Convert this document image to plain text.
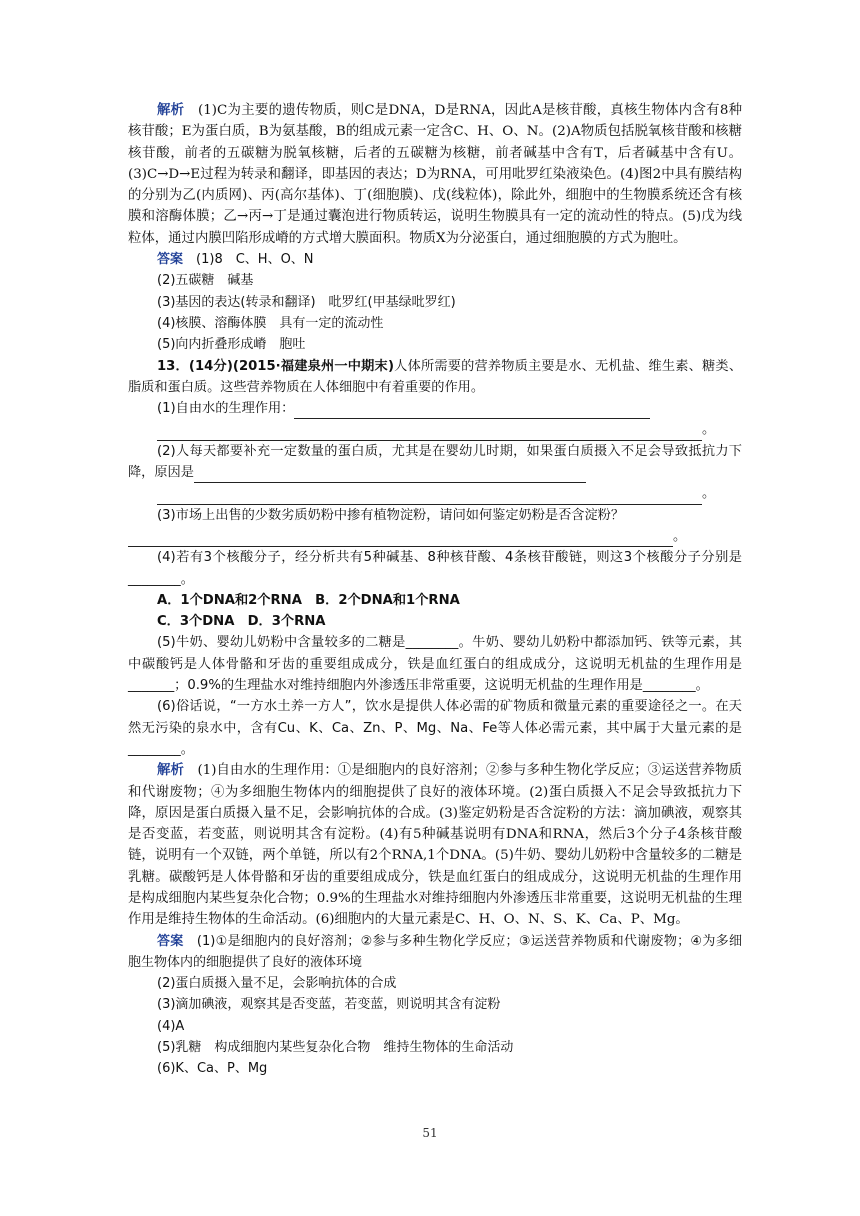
解析　 (1)C为主要的遗传物质，则C是DNA，D是RNA，因此A是核苷酸，真核生物体内含有8种核苷酸；E为蛋白质，B为氨基酸，B的组成元素一定含C、H、O、N。(2)A物质包括脱氧核苷酸和核糖核苷酸，前者的五碳糖为脱氧核糖，后者的五碳糖为核糖，前者碱基中含有T，后者碱基中含有U。(3)C→D→E过程为转录和翻译，即基因的表达；D为RNA，可用吡罗红染液染色。(4)图2中具有膜结构的分别为乙(内质网)、丙(高尔基体)、丁(细胞膜)、戊(线粒体)，除此外，细胞中的生物膜系统还含有核膜和溶酶体膜；乙→丙→丁是通过囊泡进行物质转运，说明生物膜具有一定的流动性的特点。(5)戊为线粒体，通过内膜凹陷形成嵴的方式增大膜面积。物质X为分泌蛋白，通过细胞膜的方式为胞吐。

答案　 (1)8　C、H、O、N

(2)五碳糖　碱基

(3)基因的表达(转录和翻译)　吡罗红(甲基绿吡罗红)

(4)核膜、溶酶体膜　具有一定的流动性

(5)向内折叠形成嵴　胞吐

13．(14分)(2015·福建泉州一中期末)人体所需要的营养物质主要是水、无机盐、维生素、糖类、脂质和蛋白质。这些营养物质在人体细胞中有着重要的作用。

(1)自由水的生理作用：

。

(2)人每天都要补充一定数量的蛋白质，尤其是在婴幼儿时期，如果蛋白质摄入不足会导致抵抗力下降，原因是

。

(3)市场上出售的少数劣质奶粉中掺有植物淀粉，请问如何鉴定奶粉是否含淀粉？

。

(4)若有3个核酸分子，经分析共有5种碱基、8种核苷酸、4条核苷酸链，则这3个核酸分子分别是________。

A．1个DNA和2个RNA　B．2个DNA和1个RNA

C．3个DNA　D．3个RNA

(5)牛奶、婴幼儿奶粉中含量较多的二糖是________。牛奶、婴幼儿奶粉中都添加钙、铁等元素，其中碳酸钙是人体骨骼和牙齿的重要组成成分，铁是血红蛋白的组成成分，这说明无机盐的生理作用是_______；0.9%的生理盐水对维持细胞内外渗透压非常重要，这说明无机盐的生理作用是________。

(6)俗话说，“一方水土养一方人”，饮水是提供人体必需的矿物质和微量元素的重要途径之一。在天然无污染的泉水中，含有Cu、K、Ca、Zn、P、Mg、Na、Fe等人体必需元素，其中属于大量元素的是________。

解析　 (1)自由水的生理作用：①是细胞内的良好溶剂；②参与多种生物化学反应；③运送营养物质和代谢废物；④为多细胞生物体内的细胞提供了良好的液体环境。(2)蛋白质摄入不足会导致抵抗力下降，原因是蛋白质摄入量不足，会影响抗体的合成。(3)鉴定奶粉是否含淀粉的方法：滴加碘液，观察其是否变蓝，若变蓝，则说明其含有淀粉。(4)有5种碱基说明有DNA和RNA，然后3个分子4条核苷酸链，说明有一个双链，两个单链，所以有2个RNA,1个DNA。(5)牛奶、婴幼儿奶粉中含量较多的二糖是乳糖。碳酸钙是人体骨骼和牙齿的重要组成成分，铁是血红蛋白的组成成分，这说明无机盐的生理作用是构成细胞内某些复杂化合物；0.9%的生理盐水对维持细胞内外渗透压非常重要，这说明无机盐的生理作用是维持生物体的生命活动。(6)细胞内的大量元素是C、H、O、N、S、K、Ca、P、Mg。

答案　 (1)①是细胞内的良好溶剂；②参与多种生物化学反应；③运送营养物质和代谢废物；④为多细胞生物体内的细胞提供了良好的液体环境

(2)蛋白质摄入量不足，会影响抗体的合成

(3)滴加碘液，观察其是否变蓝，若变蓝，则说明其含有淀粉

(4)A

(5)乳糖　构成细胞内某些复杂化合物　维持生物体的生命活动

(6)K、Ca、P、Mg

51
